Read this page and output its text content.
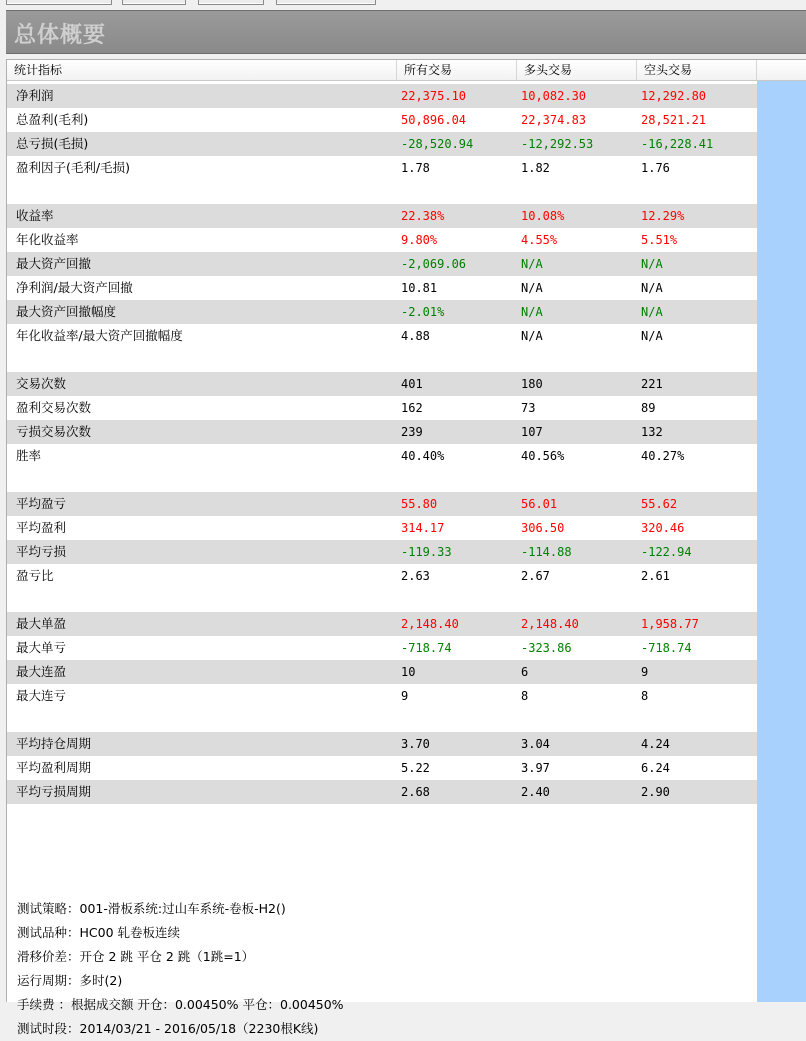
总体概要
统计指标	所有交易	多头交易	空头交易
净利润	22,375.10	10,082.30	12,292.80
总盈利(毛利)	50,896.04	22,374.83	28,521.21
总亏损(毛损)	-28,520.94	-12,292.53	-16,228.41
盈利因子(毛利/毛损)	1.78	1.82	1.76
收益率	22.38%	10.08%	12.29%
年化收益率	9.80%	4.55%	5.51%
最大资产回撤	-2,069.06	N/A	N/A
净利润/最大资产回撤	10.81	N/A	N/A
最大资产回撤幅度	-2.01%	N/A	N/A
年化收益率/最大资产回撤幅度	4.88	N/A	N/A
交易次数	401	180	221
盈利交易次数	162	73	89
亏损交易次数	239	107	132
胜率	40.40%	40.56%	40.27%
平均盈亏	55.80	56.01	55.62
平均盈利	314.17	306.50	320.46
平均亏损	-119.33	-114.88	-122.94
盈亏比	2.63	2.67	2.61
最大单盈	2,148.40	2,148.40	1,958.77
最大单亏	-718.74	-323.86	-718.74
最大连盈	10	6	9
最大连亏	9	8	8
平均持仓周期	3.70	3.04	4.24
平均盈利周期	5.22	3.97	6.24
平均亏损周期	2.68	2.40	2.90
测试策略：001-滑板系统:过山车系统-卷板-H2()
测试品种：HC00 轧卷板连续
滑移价差：开仓 2 跳 平仓 2 跳（1跳=1）
运行周期：多时(2)
手续费 ：根据成交额 开仓：0.00450% 平仓：0.00450%
测试时段：2014/03/21 - 2016/05/18（2230根K线)
